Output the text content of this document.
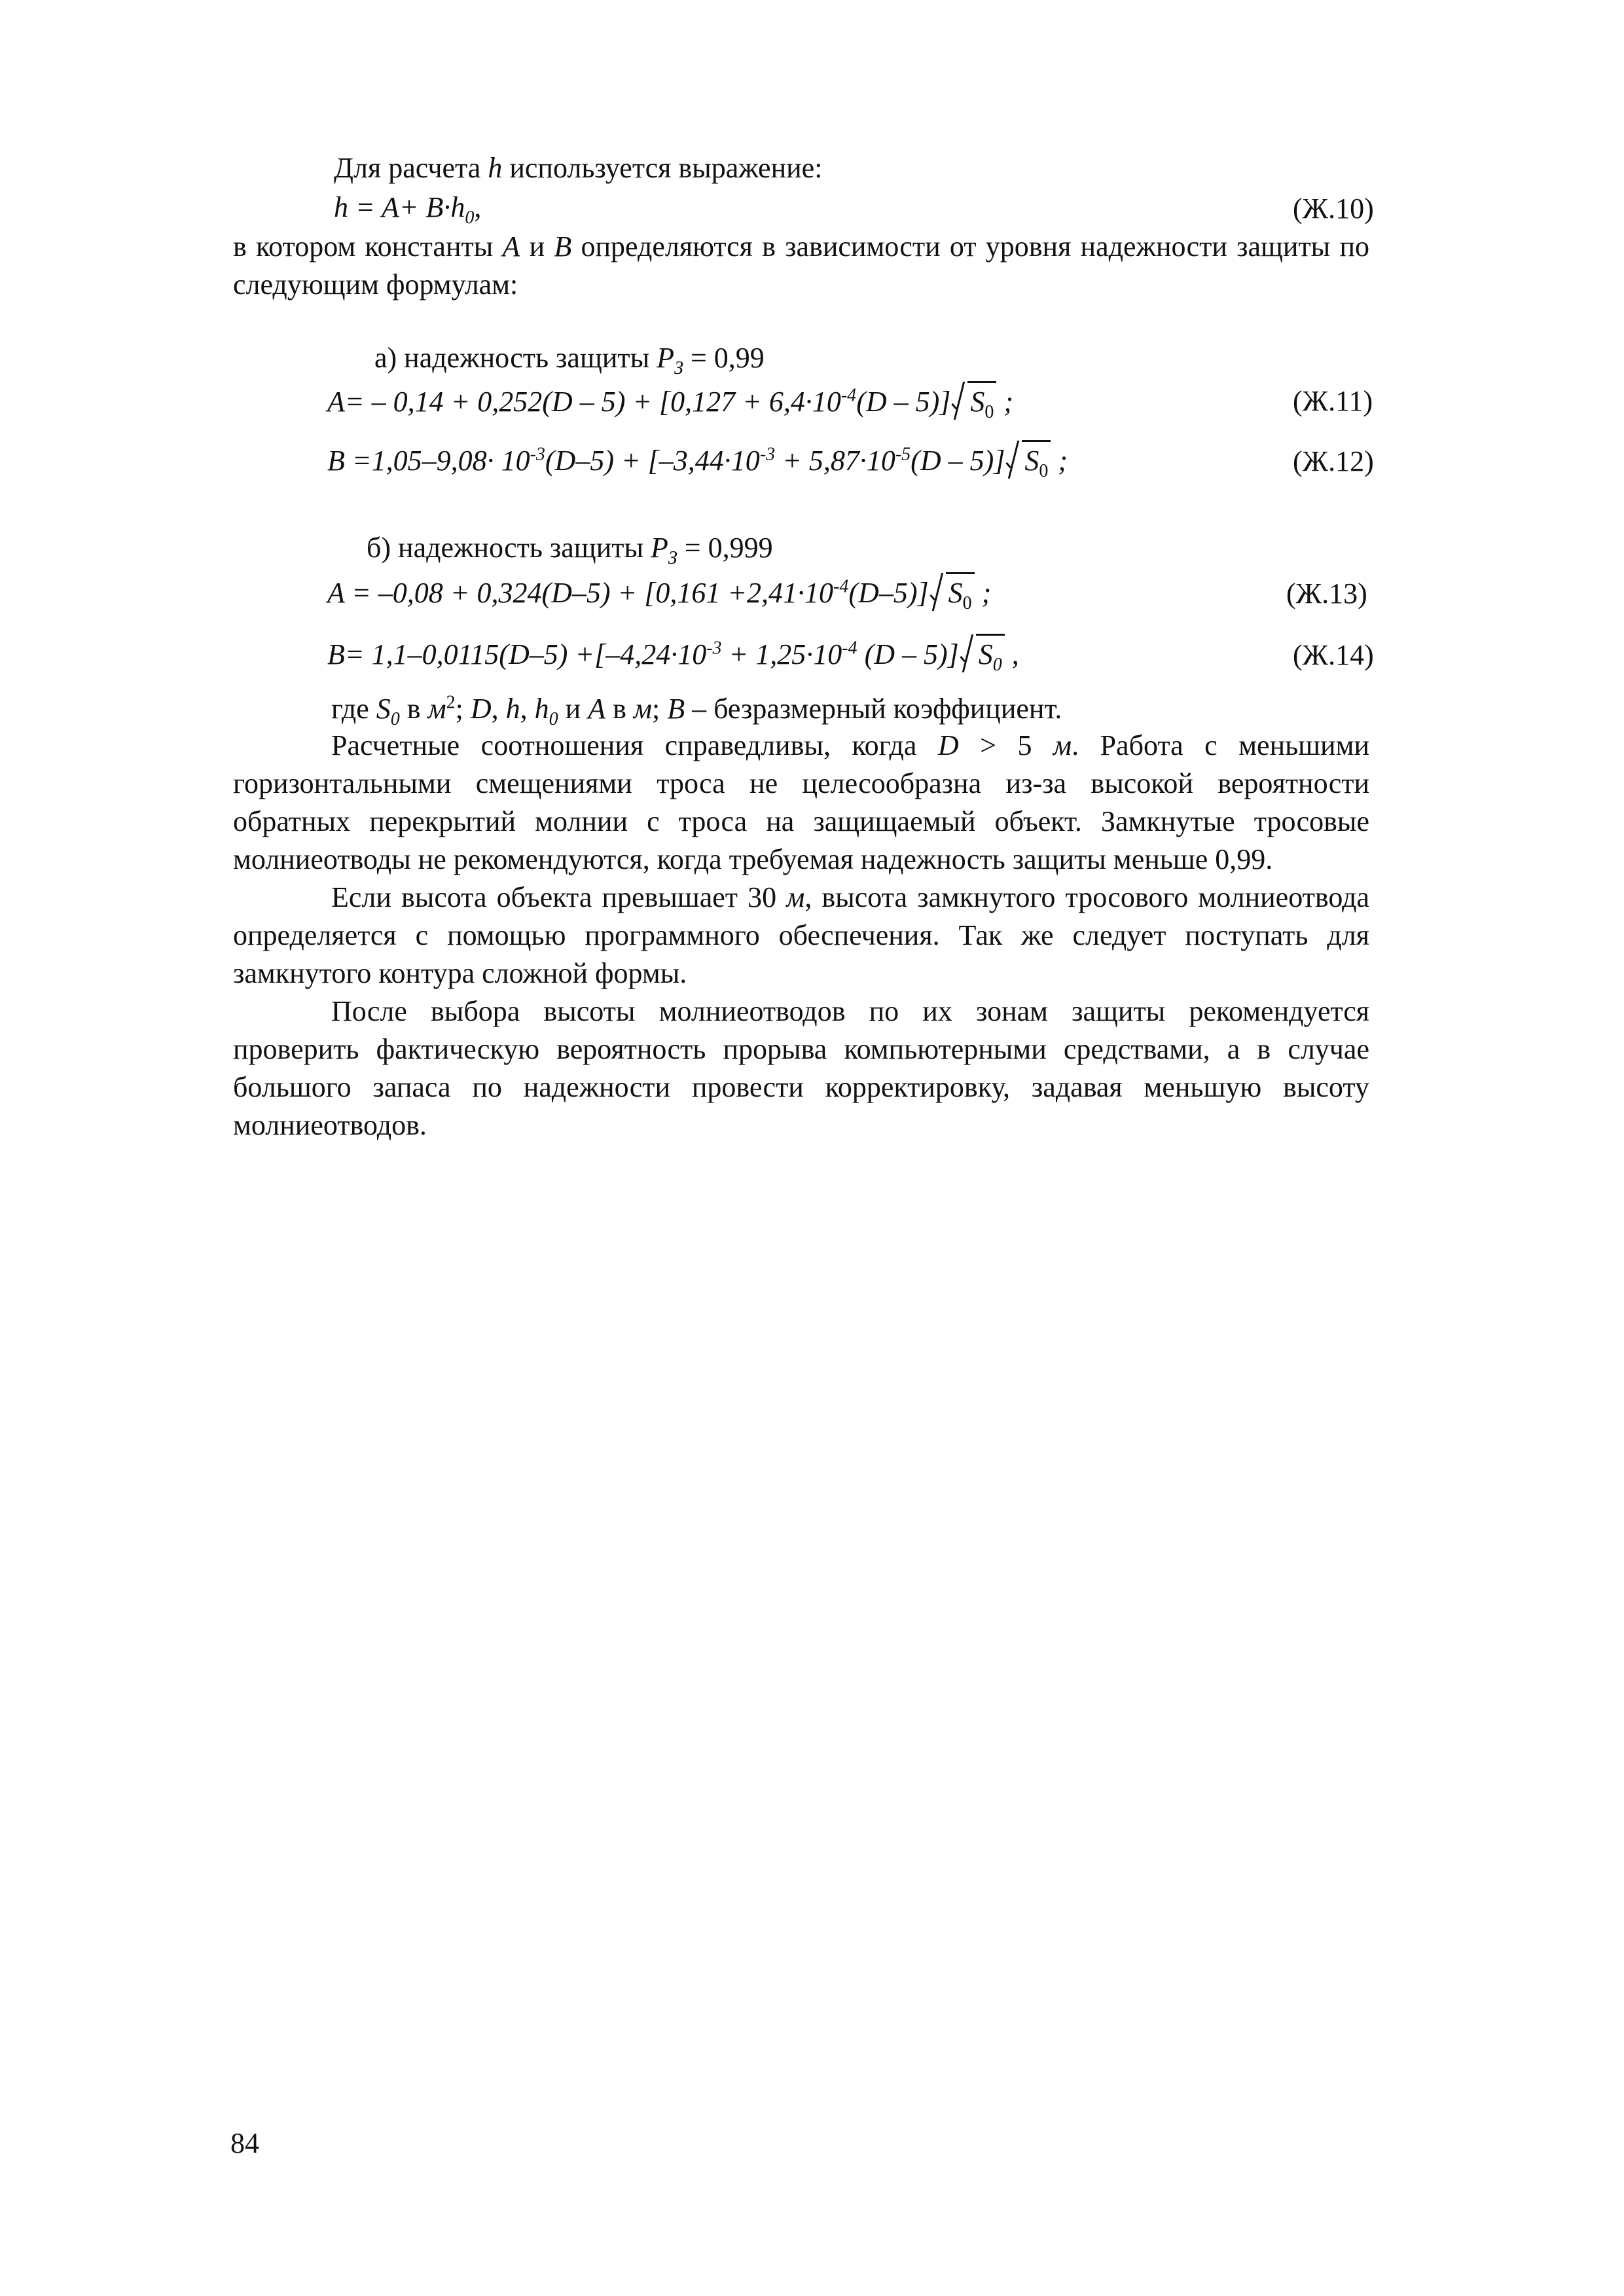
Для расчета h используется выражение:
$h = A+ B\cdot h_0$,	(Ж.10)

в котором константы A и B определяются в зависимости от уровня надежности защиты по следующим формулам:

а) надежность защиты $P_З = 0,99$
$A= - 0,14 + 0,252(D - 5) + [0,127 + 6,4\cdot 10^{-4}(D - 5)]$ $S_0$ ;	(Ж.11)
$B =1,05-9,08\cdot 10^{-3}(D-5) + [-3,44\cdot 10^{-3} + 5,87\cdot 10^{-5}(D - 5)]$ $S_0$ ;	(Ж.12)
б) надежность защиты $P_З = 0,999$
$A = -0,08 + 0,324(D-5) + [0,161 +2,41\cdot 10^{-4}(D-5)]$ $S_0$ ;	(Ж.13)
$B= 1,1-0,0115(D-5) +[-4,24\cdot 10^{-3} + 1,25\cdot 10^{-4}$ (D – 5)] $S_0$ ,	(Ж.14)
где $S_0$ в $м^2$; D, h, $h_0$ и A в м; B – безразмерный коэффициент.

Расчетные соотношения справедливы, когда D > 5 м. Работа с меньшими горизонтальными смещениями троса не целесообразна из-за высокой вероятности обратных перекрытий молнии с троса на защищаемый объект. Замкнутые тросовые молниеотводы не рекомендуются, когда требуемая надежность защиты меньше 0,99.

Если высота объекта превышает 30 м, высота замкнутого тросового молниеотвода определяется с помощью программного обеспечения. Так же следует поступать для замкнутого контура сложной формы.

После выбора высоты молниеотводов по их зонам защиты рекомендуется проверить фактическую вероятность прорыва компьютерными средствами, а в случае большого запаса по надежности провести корректировку, задавая меньшую высоту молниеотводов.

84
